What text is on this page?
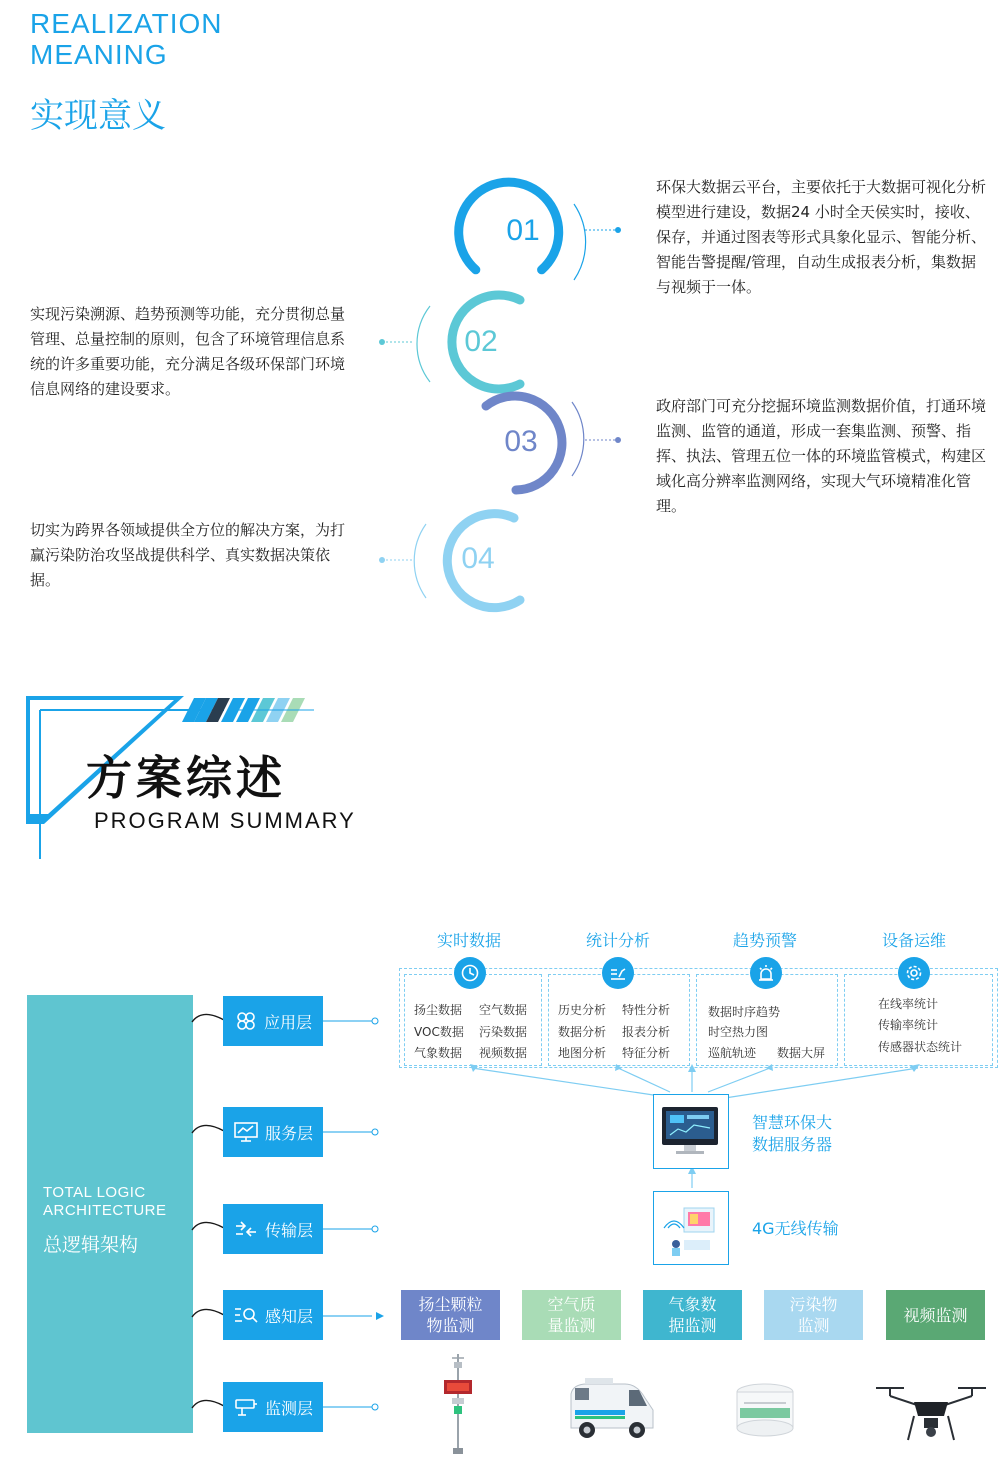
REALIZATION
MEANING
实现意义
01
02
03
04
环保大数据云平台，主要依托于大数据可视化分析模型进行建设，数据24 小时全天侯实时，接收、保存，并通过图表等形式具象化显示、智能分析、智能告警提醒/管理，自动生成报表分析，集数据与视频于一体。
实现污染溯源、趋势预测等功能，充分贯彻总量管理、总量控制的原则，包含了环境管理信息系统的许多重要功能，充分满足各级环保部门环境信息网络的建设要求。
政府部门可充分挖掘环境监测数据价值，打通环境监测、监管的通道，形成一套集监测、预警、指挥、执法、管理五位一体的环境监管模式，构建区域化高分辨率监测网络，实现大气环境精准化管理。
切实为跨界各领域提供全方位的解决方案，为打赢污染防治攻坚战提供科学、真实数据决策依据。
方案综述
PROGRAM SUMMARY
TOTAL LOGIC
ARCHITECTURE
总逻辑架构
应用层
服务层
传输层
感知层
监测层
实时数据	统计分析	趋势预警	设备运维
扬尘数据 空气数据
VOC数据 污染数据
气象数据 视频数据
历史分析 特性分析
数据分析 报表分析
地图分析 特征分析
数据时序趋势
时空热力图
巡航轨迹 数据大屏
在线率统计
传输率统计
传感器状态统计
智慧环保大
数据服务器
4G无线传输
扬尘颗粒
物监测
空气质
量监测
气象数
据监测
污染物
监测
视频监测
